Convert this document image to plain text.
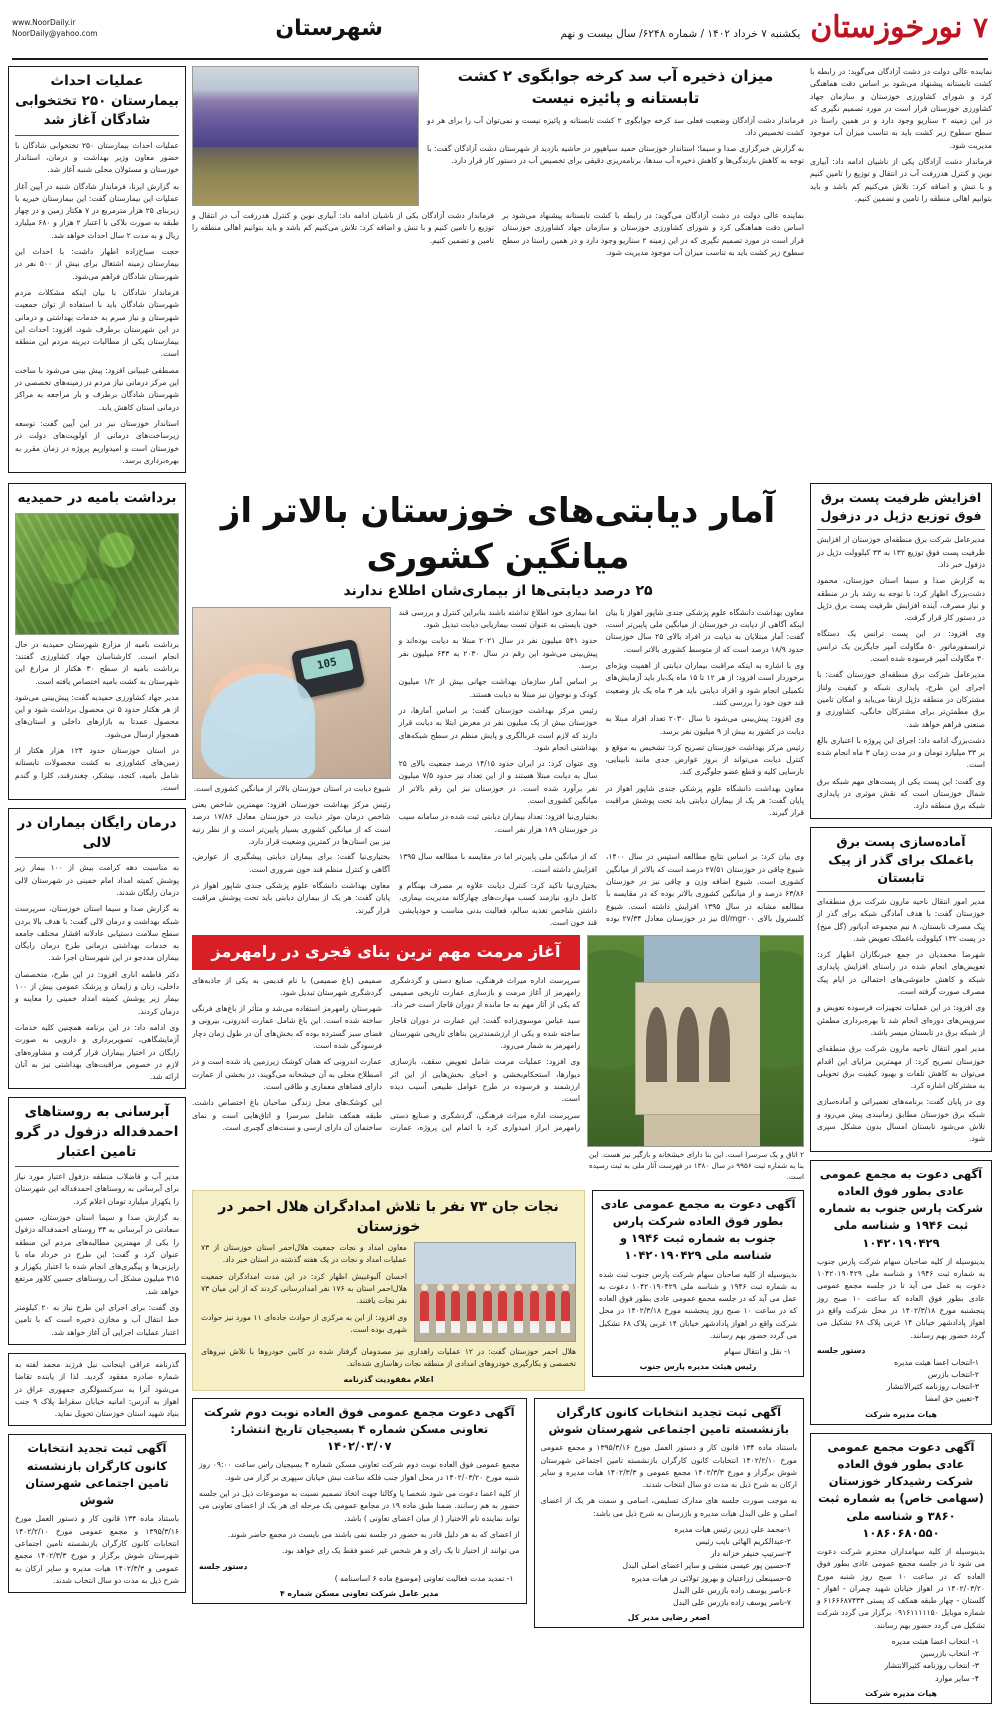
۷ نورخوزستان
یکشنبه ۷ خرداد ۱۴۰۲ / شماره ۶۲۴۸/ سال بیست و نهم
شهرستان
www.NoorDaily.ir
NoorDaily@yahoo.com

نماینده عالی دولت در دشت آزادگان می‌گوید: در رابطه با کشت تابستانه پیشنهاد می‌شود بر اساس دقت هماهنگی کرد و شورای کشاورزی خوزستان و سازمان جهاد کشاورزی خوزستان قرار است در مورد تصمیم نگیری که در این زمینه ۲ سناریو وجود دارد و در همین راستا در سطح سطوح زیر کشت باید به تناسب میزان آب موجود مدیریت شود.

فرماندار دشت آزادگان یکی از ناشیان ادامه داد: آبیاری نوین و کنترل هدررفت آب در انتقال و توزیع را تامین کنیم و با تنش و اضافه کرد: تلاش می‌کنیم کم باشد و باید بتوانیم اهالی منطقه را تامین و تضمین کنیم.

میزان ذخیره آب سد کرخه جوابگوی ۲ کشت تابستانه و پائیزه نیست

فرماندار دشت آزادگان وضعیت فعلی سد کرخه جوابگوی ۲ کشت تابستانه و پائیزه نیست و نمی‌توان آب را برای هر دو کشت تخصیص داد.

به گزارش خبرگزاری صدا و سیما؛ استاندار خوزستان حمید سیاهپور در حاشیه بازدید از شهرستان دشت آزادگان گفت: با توجه به کاهش بارندگی‌ها و کاهش ذخیره آب سدها، برنامه‌ریزی دقیقی برای تخصیص آب در دستور کار قرار دارد.

نماینده عالی دولت در دشت آزادگان می‌گوید: در رابطه با کشت تابستانه پیشنهاد می‌شود بر اساس دقت هماهنگی کرد و شورای کشاورزی خوزستان و سازمان جهاد کشاورزی خوزستان قرار است در مورد تصمیم نگیری که در این زمینه ۲ سناریو وجود دارد و در همین راستا در سطح سطوح زیر کشت باید به تناسب میزان آب موجود مدیریت شود.

فرماندار دشت آزادگان یکی از ناشیان ادامه داد: آبیاری نوین و کنترل هدررفت آب در انتقال و توزیع را تامین کنیم و با تنش و اضافه کرد: تلاش می‌کنیم کم باشد و باید بتوانیم اهالی منطقه را تامین و تضمین کنیم.

عملیات احداث بیمارستان ۲۵۰ تختخوابی شادگان آغاز شد

عملیات احداث بیمارستان ۲۵۰ تختخوابی شادگان با حضور معاون وزیر بهداشت و درمان، استاندار خوزستان و مسئولان محلی شنبه آغاز شد.

به گزارش ایرنا، فرماندار شادگان شنبه در آیین آغاز عملیات این بیمارستان گفت: این بیمارستان خیریه با زیربنای ۲۵ هزار مترمربع در ۷ هکتار زمین و در چهار طبقه به صورت بلاکی با اعتبار ۲ هزار و ۶۸۰ میلیارد ریال و به مدت ۲ سال احداث خواهد شد.

حجت صباح‌زاده اظهار داشت: با احداث این بیمارستان زمینه اشتغال برای بیش از ۵۰۰ نفر در شهرستان شادگان فراهم می‌شود.

فرماندار شادگان با بیان اینکه مشکلات مردم شهرستان شادگان باید با استفاده از توان جمعیت شهرستان و نیاز مبرم به خدمات بهداشتی و درمانی در این شهرستان برطرف شود، افزود: احداث این بیمارستان یکی از مطالبات دیرینه مردم این منطقه است.

مصطفی غیبیانی افزود: پیش بینی می‌شود با ساخت این مرکز درمانی نیاز مردم در زمینه‌های تخصصی در شهرستان شادگان برطرف و بار مراجعه به مراکز درمانی استان کاهش یابد.

استاندار خوزستان نیز در این آیین گفت: توسعه زیرساخت‌های درمانی از اولویت‌های دولت در خوزستان است و امیدواریم پروژه در زمان مقرر به بهره‌برداری برسد.

افزایش ظرفیت پست برق فوق توزیع دژپل در دزفول

مدیرعامل شرکت برق منطقه‌ای خوزستان از افزایش ظرفیت پست فوق توزیع ۱۳۲ به ۳۳ کیلوولت دژپل در دزفول خبر داد.

به گزارش صدا و سیما استان خوزستان، محمود دشت‌بزرگ اظهار کرد: با توجه به رشد بار در منطقه و نیاز مصرف، آینده افزایش ظرفیت پست برق دژپل در دستور کار قرار گرفت.

وی افزود: در این پست ترانس یک دستگاه ترانسفورماتور ۵۰ مگاولت آمپر جایگزین یک ترانس ۳۰ مگاولت آمپر فرسوده شده است.

مدیرعامل شرکت برق منطقه‌ای خوزستان گفت: با اجرای این طرح، پایداری شبکه و کیفیت ولتاژ مشترکان در منطقه دژپل ارتقا می‌یابد و امکان تامین برق مطمئن‌تر برای مشترکان خانگی، کشاورزی و صنعتی فراهم خواهد شد.

دشت‌بزرگ ادامه داد: اجرای این پروژه با اعتباری بالغ بر ۳۳ میلیارد تومان و در مدت زمان ۳ ماه انجام شده است.

وی گفت: این پست یکی از پست‌های مهم شبکه برق شمال خوزستان است که نقش موثری در پایداری شبکه برق منطقه دارد.

آماده‌سازی پست برق باغملک برای گذر از پیک تابستان

مدیر امور انتقال ناحیه مارون شرکت برق منطقه‌ای خوزستان گفت: با هدف آمادگی شبکه برای گذر از پیک مصرف تابستان، ۸ نیم مجموعه آدپاتور (گل میخ) در پست ۱۳۲ کیلوولت باغملک تعویض شد.

شهرضا محمدیان در جمع خبرنگاران اظهار کرد: تعویض‌های انجام شده در راستای افزایش پایداری شبکه و کاهش خاموشی‌های احتمالی در ایام پیک مصرف صورت گرفته است.

وی افزود: در این عملیات تجهیزات فرسوده تعویض و سرویس‌های دوره‌ای انجام شد تا بهره‌برداری مطمئن از شبکه برق در تابستان میسر باشد.

مدیر امور انتقال ناحیه مارون شرکت برق منطقه‌ای خوزستان تصریح کرد: از مهمترین مزایای این اقدام می‌توان به کاهش تلفات و بهبود کیفیت برق تحویلی به مشترکان اشاره کرد.

وی در پایان گفت: برنامه‌های تعمیراتی و آماده‌سازی شبکه برق خوزستان مطابق زمانبندی پیش می‌رود و تلاش می‌شود تابستان امسال بدون مشکل سپری شود.

آگهی دعوت به مجمع عمومی عادی بطور فوق العاده شرکت پارس جنوب به شماره ثبت ۱۹۴۶ و شناسه ملی ۱۰۴۲۰۱۹۰۴۲۹

بدینوسیله از کلیه صاحبان سهام شرکت پارس جنوب به شماره ثبت ۱۹۴۶ و شناسه ملی ۱۰۴۲۰۱۹۰۴۲۹ دعوت به عمل می آید تا در جلسه مجمع عمومی عادی بطور فوق العاده که ساعت ۱۰ صبح روز پنجشنبه مورخ ۱۴۰۲/۳/۱۸ در محل شرکت واقع در اهواز پادادشهر خیابان ۱۴ غربی پلاک ۶۸ تشکیل می گردد حضور بهم رسانند.

دستور جلسه
۱-انتخاب اعضا هیئت مدیره
۲-انتخاب بازرس
۳-انتخاب روزنامه کثیرالانتشار
۴-تعیین حق امضا
هیات مدیره شرکت
آگهی دعوت مجمع عمومی عادی بطور فوق العاده شرکت رشیدکار خوزستان (سهامی خاص) به شماره ثبت ۳۸۶۰ و شناسه ملی ۱۰۸۶۰۶۸۰۵۵۰

بدینوسیله از کلیه سهامداران محترم شرکت دعوت می شود تا در جلسه مجمع عمومی عادی بطور فوق العاده که در ساعت ۱۰ صبح روز شنبه مورخ ۱۴۰۲/۰۳/۲۰ در اهواز خیابان شهید چمران - اهواز - گلستان - چهار طبقه همکف کد پستی ۶۱۶۶۶۸۷۴۳۳ و شماره موبایل ۰۹۱۶۱۱۱۱۱۵۰ برگزار می گردد شرکت تشکیل می گردد حضور بهم رسانند.

۱- انتخاب اعضا هیئت مدیره
۲- انتخاب بازرسین
۳- انتخاب روزنامه کثیرالانتشار
۴- سایر موارد
هیات مدیره شرکت
آمار دیابتی‌های خوزستان بالاتر از میانگین کشوری
۲۵ درصد دیابتی‌ها از بیماری‌شان اطلاع ندارند

معاون بهداشت دانشگاه علوم پزشکی جندی شاپور اهواز با بیان اینکه آگاهی از دیابت در خوزستان از میانگین ملی پایین‌تر است، گفت: آمار مبتلایان به دیابت در افراد بالای ۲۵ سال خوزستان حدود ۱۸/۹ درصد است که از متوسط کشوری بالاتر است.

وی با اشاره به اینکه مراقبت بیماران دیابتی از اهمیت ویژه‌ای برخوردار است افزود: از هر ۱۲ تا ۱۵ ماه یک‌بار باید آزمایش‌های تکمیلی انجام شود و افراد دیابتی باید هر ۳ ماه یک بار وضعیت قند خون خود را بررسی کنند.

وی افزود: پیش‌بینی می‌شود تا سال ۲۰۳۰ تعداد افراد مبتلا به دیابت در کشور به بیش از ۹ میلیون نفر برسد.

رئیس مرکز بهداشت خوزستان تصریح کرد: تشخیص به موقع و کنترل دیابت می‌تواند از بروز عوارض جدی مانند نابینایی، نارسایی کلیه و قطع عضو جلوگیری کند.

معاون بهداشت دانشگاه علوم پزشکی جندی شاپور اهواز در پایان گفت: هر یک از بیماران دیابتی باید تحت پوشش مراقبت قرار گیرند.

اما بیماری خود اطلاع نداشته باشند بنابراین کنترل و بررسی قند خون بایستی به عنوان تست بیماریابی دیابت تبدیل شود.

حدود ۵۴۱ میلیون نفر در سال ۲۰۲۱ مبتلا به دیابت بوده‌اند و پیش‌بینی می‌شود این رقم در سال ۲۰۳۰ به ۶۴۳ میلیون نفر برسد.

بر اساس آمار سازمان بهداشت جهانی بیش از ۱/۲ میلیون کودک و نوجوان نیز مبتلا به دیابت هستند.

رئیس مرکز بهداشت خوزستان گفت: بر اساس آمارها، در خوزستان بیش از یک میلیون نفر در معرض ابتلا به دیابت قرار دارند که لازم است غربالگری و پایش منظم در سطح شبکه‌های بهداشتی انجام شود.

وی عنوان کرد: در ایران حدود ۱۴/۱۵ درصد جمعیت بالای ۲۵ سال به دیابت مبتلا هستند و از این تعداد نیز حدود ۷/۵ میلیون نفر برآورد شده است. در خوزستان نیز این رقم بالاتر از میانگین کشوری است.

بختیاری‌نیا افزود: تعداد بیماران دیابتی ثبت شده در سامانه سیب در خوزستان ۱۸۹ هزار نفر است.

105

شیوع دیابت در استان خوزستان بالاتر از میانگین کشوری است.

رئیس مرکز بهداشت خوزستان افزود: مهمترین شاخص یعنی شاخص درمان موثر دیابت در خوزستان معادل ۱۷/۸۶ درصد است که از میانگین کشوری بسیار پایین‌تر است و از نظر رتبه نیز بین استان‌ها در کمترین وضعیت قرار دارد.

وی بیان کرد: بر اساس نتایج مطالعه استپس در سال ۱۴۰۰، شیوع چاقی در خوزستان ۲۷/۵۱ درصد است که بالاتر از میانگین کشوری است. شیوع اضافه وزن و چاقی نیز در خوزستان ۶۳/۸۶ درصد و از میانگین کشوری بالاتر بوده که در مقایسه با مطالعه مشابه در سال ۱۳۹۵ افزایش داشته است. شیوع کلسترول بالای dl/mg۲۰۰ نیز در خوزستان معادل ۲۷/۳۴ بوده که از میانگین ملی پایین‌تر اما در مقایسه با مطالعه سال ۱۳۹۵ افزایش داشته است.

بختیاری‌نیا تاکید کرد: کنترل دیابت علاوه بر مصرف بهنگام و کامل دارو، نیازمند کسب مهارت‌های چهارگانه مدیریت بیماری، داشتن شاخص تغذیه سالم، فعالیت بدنی مناسب و خودپایشی قند خون است.

بختیاری‌نیا گفت: برای بیماران دیابتی پیشگیری از عوارض، آگاهی و کنترل منظم قند خون ضروری است.

معاون بهداشت دانشگاه علوم پزشکی جندی شاپور اهواز در پایان گفت: هر یک از بیماران دیابتی باید تحت پوشش مراقبت قرار گیرند.

آغاز مرمت مهم ترین بنای قجری در رامهرمز

سرپرست اداره میراث فرهنگی، صنایع دستی و گردشگری رامهرمز از آغاز مرمت و بازسازی عمارت تاریخی صمیمی که یکی از آثار مهم به جا مانده از دوران قاجار است خبر داد.

سید عباس موسوی‌زاده گفت: این عمارت در دوران قاجار ساخته شده و یکی از ارزشمندترین بناهای تاریخی شهرستان رامهرمز به شمار می‌رود.

وی افزود: عملیات مرمت شامل تعویض سقف، بازسازی دیوارها، استحکام‌بخشی و احیای بخش‌هایی از این اثر ارزشمند و فرسوده در طرح عوامل طبیعی آسیب دیده است.

سرپرست اداره میراث فرهنگی، گردشگری و صنایع دستی رامهرمز ابراز امیدواری کرد با اتمام این پروژه، عمارت صمیمی (باغ صمیمی) با نام قدیمی به یکی از جاذبه‌های گردشگری شهرستان تبدیل شود.

شهرستان رامهرمز استفاده می‌شد و متأثر از باغ‌های فرنگی ساخته شده است. این باغ شامل عمارت اندرونی، بیرونی و فضای سبز گسترده بوده که بخش‌های آن در طول زمان دچار فرسودگی شده است.

عمارت اندرونی که همان کوشک زیرزمین یاد شده است و در اصطلاح محلی به آن خیشخانه می‌گویند، در بخشی از عمارت دارای فضاهای معماری و طاقی است.

این کوشک‌های محل زندگی صاحبان باغ اختصاص داشت. طبقه همکف شامل سرسرا و اتاق‌هایی است و نمای ساختمان آن دارای ارسی و سنت‌های گچبری است.

۲ اتاق و یک سرسرا است. این بنا دارای خیشخانه و بارگیر نیز هست. این بنا به شماره ثبت ۹۹۵۶ در سال ۱۳۸۰ در فهرست آثار ملی به ثبت رسیده است.
آگهی دعوت به مجمع عمومی عادی بطور فوق العاده شرکت پارس جنوب به شماره ثبت ۱۹۴۶ و شناسه ملی ۱۰۴۲۰۱۹۰۴۲۹

بدینوسیله از کلیه صاحبان سهام شرکت پارس جنوب ثبت شده به شماره ثبت ۱۹۴۶ و شناسه ملی ۱۰۴۲۰۱۹۰۴۲۹ دعوت به عمل می آید که در جلسه مجمع عمومی عادی بطور فوق العاده که در ساعت ۱۰ صبح روز پنجشنبه مورخ ۱۴۰۲/۳/۱۸ در محل شرکت واقع در اهواز پادادشهر خیابان ۱۴ غربی پلاک ۶۸ تشکیل می گردد حضور بهم رسانند.

۱- نقل و انتقال سهام
رئیس هیئت مدیره پارس جنوب
نجات جان ۷۳ نفر با تلاش امدادگران هلال احمر در خوزستان

معاون امداد و نجات جمعیت هلال‌احمر استان خوزستان از ۷۳ عملیات امداد و نجات در یک هفته گذشته در استان خبر داد.

احسان آلبوغبیش اظهار کرد: در این مدت امدادگران جمعیت هلال‌احمر استان به ۱۷۶ نفر امدادرسانی کردند که از این میان ۷۳ نفر نجات یافتند.

وی افزود: از این به مرکزی از حوادث جاده‌ای ۱۱ مورد نیز حوادث شهری بوده است.

هلال احمر خوزستان گفت: در ۱۲ عملیات راهداری نیز مصدومان گرفتار شده در کابین خودروها با تلاش نیروهای تخصصی و بکارگیری خودروهای امدادی از منطقه نجات رهاسازی شده‌اند.

اعلام مفقودیت گذرنامه
آگهی ثبت تجدید انتخابات کانون کارگران بازنشسته تامین اجتماعی شهرستان شوش

باستناد ماده ۱۳۴ قانون کار و دستور العمل مورخ ۱۳۹۵/۳/۱۶ و مجمع عمومی مورخ ۱۴۰۲/۲/۱۰ انتخابات کانون کارگران بازنشسته تامین اجتماعی شهرستان شوش برگزار و مورخ ۱۴۰۲/۳/۳ مجمع عمومی و ۱۴۰۲/۳/۳ هیات مدیره و سایر ارکان به شرح ذیل به مدت دو سال انتخاب شدند.

به موجب صورت جلسه های مدارک تسلیمی، اسامی و سمت هر یک از اعضای اصلی و علی البدل هیات مدیره و بازرسان به شرح ذیل می باشد:

۱-محمد علی زرین رئیس هیات مدیره
۲-عبدالکریم الهائی نایب رئیس
۳-سرتیپ خنیفر خزانه دار
۴-حسین پور عیسی منشی و سایر اعضای اصلی البدل
۵-حسینعلی زراعتیان و بهروز تولائی در هیات مدیره
۶-ناصر یوسف زاده بازرس علی البدل
۷-ناصر یوسف زاده بازرس علی البدل
اصغر رضایی مدیر کل
آگهی دعوت مجمع عمومی فوق العاده نوبت دوم شرکت تعاونی مسکن شماره ۴ بسیجیان تاریخ انتشار: ۱۴۰۲/۰۳/۰۷

مجمع عمومی فوق العاده نوبت دوم شرکت تعاونی مسکن شماره ۴ بسیجیان راس ساعت ۰۹:۰۰ روز شنبه مورخ ۱۴۰۲/۰۳/۲۰ در محل اهواز جنب فلکه ساعت نبش خیابان سپهری بر گزار می شود.

از کلیه اعضا دعوت می شود شخصا یا وکالتا جهت اتخاذ تصمیم نسبت به موضوعات ذیل در این جلسه حضور به هم رسانند. ضمنا طبق ماده ۱۹ در مجامع عمومی یک مرحله ای هر یک از اعضای تعاونی می تواند نماینده تام الاختیار ( از میان اعضای تعاونی ) باشد.

از اعضای که به هر دلیل قادر به حضور در جلسه نمی باشند می بایست در مجمع حاضر شوند.

می توانند از اختیار تا یک رای و هر شخص غیر عضو فقط یک رای خواهد بود.

دستور جلسه
۱- تمدید مدت فعالیت تعاونی (موضوع ماده ۶ اساسنامه )
مدیر عامل شرکت تعاونی مسکن شماره ۴
برداشت بامیه در حمیدیه

برداشت بامیه از مزارع شهرستان حمیدیه در حال انجام است. کارشناسان جهاد کشاورزی گفتند: برداشت بامیه از سطح ۳۰ هکتار از مزارع این شهرستان به کشت بامیه اختصاص یافته است.

مدیر جهاد کشاورزی حمیدیه گفت: پیش‌بینی می‌شود از هر هکتار حدود ۵ تن محصول برداشت شود و این محصول عمدتا به بازارهای داخلی و استان‌های همجوار ارسال می‌شود.

در استان خوزستان حدود ۱۲۴ هزار هکتار از زمین‌های کشاورزی به کشت محصولات تابستانه شامل بامیه، کنجد، نیشکر، چغندرقند، کلزا و گندم است.

درمان رایگان بیماران در لالی

به مناسبت دهه کرامت بیش از ۱۰۰ بیمار زیر پوشش کمیته امداد امام خمینی در شهرستان لالی درمان رایگان شدند.

به گزارش صدا و سیما استان خوزستان، سرپرست شبکه بهداشت و درمان لالی گفت: با هدف بالا بردن سطح سلامت دستیابی عادلانه اقشار مختلف جامعه به خدمات بهداشتی درمانی طرح درمان رایگان بیماران مددجو در این شهرستان اجرا شد.

دکتر فاطمه اناری افزود: در این طرح، متخصصان داخلی، زنان و زایمان و پزشک عمومی بیش از ۱۰۰ بیمار زیر پوشش کمیته امداد خمینی را معاینه و درمان کردند.

وی ادامه داد: در این برنامه همچنین کلیه خدمات آزمایشگاهی، تصویربرداری و دارویی به صورت رایگان در اختیار بیماران قرار گرفت و مشاوره‌های لازم در خصوص مراقبت‌های بهداشتی نیز به آنان ارائه شد.

آبرسانی به روستاهای احمدفداله دزفول در گرو تامین اعتبار

مدیر آب و فاضلاب منطقه دزفول اعتبار مورد نیاز برای آبرسانی به روستاهای احمدفداله این شهرستان را یکهزار میلیارد تومان اعلام کرد.

به گزارش صدا و سیما استان خوزستان، حسین سعادتی در آبرسانی به ۳۴ روستای احمدفداله دزفول را یکی از مهمترین مطالبه‌های مردم این منطقه عنوان کرد و گفت: این طرح در خرداد ماه با رایزنی‌ها و پیگیری‌های انجام شده با اعتبار یکهزار و ۳۱۵ میلیون مشکل آب روستاهای حسین کلاور مرتفع خواهد شد.

وی گفت: برای اجرای این طرح نیاز به ۲۰ کیلومتر خط انتقال آب و مخازن ذخیره است که با تامین اعتبار عملیات اجرایی آن آغاز خواهد شد.

گذرنامه عراقی اینجانب نبل فرزند محمد لفته به شماره صادره مفقود گردید. لذا از یابنده تقاضا می‌شود آنرا به سرکنسولگری جمهوری عراق در اهواز به آدرس: امانیه خیابان سقراط پلاک ۹ جنب بنیاد شهید استان خوزستان تحویل نماید.

آگهی ثبت تجدید انتخابات کانون کارگران بازنشسته تامین اجتماعی شهرستان شوش

باستناد ماده ۱۳۴ قانون کار و دستور العمل مورخ ۱۳۹۵/۳/۱۶ و مجمع عمومی مورخ ۱۴۰۲/۲/۱۰ انتخابات کانون کارگران بازنشسته تامین اجتماعی شهرستان شوش برگزار و مورخ ۱۴۰۲/۳/۳ مجمع عمومی و ۱۴۰۲/۳/۳ هیات مدیره و سایر ارکان به شرح ذیل به مدت دو سال انتخاب شدند.
